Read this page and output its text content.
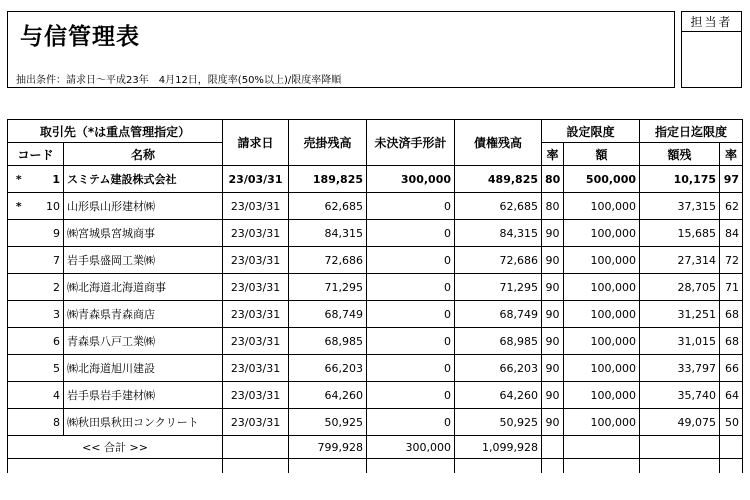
与信管理表
抽出条件：請求日～平成23年　4月12日，限度率(50%以上)/限度率降順
担当者
取引先（*は重点管理指定）			請求日	売掛残高	未決済手形計	債権残高	設定限度		指定日迄限度	
コード		名称					率	額	額残	率
*	1	スミテム建設株式会社	23/03/31	189,825	300,000	489,825	80	500,000	10,175	97
*	10	山形県山形建材㈱	23/03/31	62,685	0	62,685	80	100,000	37,315	62
	9	㈱宮城県宮城商事	23/03/31	84,315	0	84,315	90	100,000	15,685	84
	7	岩手県盛岡工業㈱	23/03/31	72,686	0	72,686	90	100,000	27,314	72
	2	㈱北海道北海道商事	23/03/31	71,295	0	71,295	90	100,000	28,705	71
	3	㈱青森県青森商店	23/03/31	68,749	0	68,749	90	100,000	31,251	68
	6	青森県八戸工業㈱	23/03/31	68,985	0	68,985	90	100,000	31,015	68
	5	㈱北海道旭川建設	23/03/31	66,203	0	66,203	90	100,000	33,797	66
	4	岩手県岩手建材㈱	23/03/31	64,260	0	64,260	90	100,000	35,740	64
	8	㈱秋田県秋田コンクリート	23/03/31	50,925	0	50,925	90	100,000	49,075	50
<< 合計 >>				799,928	300,000	1,099,928				
